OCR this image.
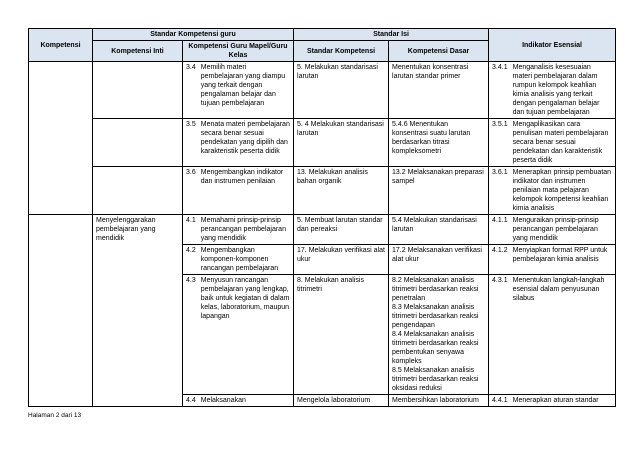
Kompetensi	Standar Kompetensi guru		Standar Isi		Indikator Esensial
	Kompetensi Inti	Kompetensi Guru Mapel/Guru Kelas	Standar Kompetensi	Kompetensi Dasar	

		3.4 Memilih materi pembelajaran yang diampu yang terkait dengan pengalaman belajar dan tujuan pembelajaran	5. Melakukan standarisasi larutan	Menentukan konsentrasi larutan standar primer	3.4.1 Menganalisis kesesuaian materi pembelajaran dalam rumpun kelompok keahlian kimia analisis yang terkait dengan pengalaman belajar dan tujuan pembelajaran

		3.5 Menata materi pembelajaran secara benar sesuai pendekatan yang dipilih dan karakteristik peserta didik	5. 4 Melakukan standarisasi larutan	5.4.6 Menentukan konsentrasi suatu larutan berdasarkan titrasi kompleksometri	3.5.1 Mengaplikasikan cara penulisan materi pembelajaran secara benar sesuai pendekatan dan karakteristik peserta didik

		3.6 Mengembangkan indikator dan instrumen penilaian	13. Melakukan analisis bahan organik	13.2 Melaksanakan preparasi sampel	3.6.1 Menerapkan prinsip pembuatan indikator dan instrumen penilaian mata pelajaran kelompok kompetensi keahlian kimia analisis

	Menyelenggarakan pembelajaran yang mendidik	4.1 Memahami prinsip-prinsip perancangan pembelajaran yang mendidik	5. Membuat larutan standar dan pereaksi	5.4 Melakukan standarisasi larutan	4.1.1 Menguraikan prinsip-prinsip perancangan pembelajaran yang mendidik

		4.2 Mengembangkan komponen-komponen rancangan pembelajaran	17. Melakukan verifikasi alat ukur	17.2 Melaksanakan verifikasi alat ukur	4.1.2 Menyiapkan format RPP untuk pembelajaran kimia analisis

		4.3 Menyusun rancangan pembelajaran yang lengkap, baik untuk kegiatan di dalam kelas, laboratorium, maupun lapangan	8. Melakukan analisis titrimetri	8.2 Melaksanakan analisis titrimetri berdasarkan reaksi penetralan
8.3 Melaksanakan analisis titrimetri berdasarkan reaksi pengendapan
8.4 Melaksanakan analisis titrimetri berdasarkan reaksi pembentukan senyawa kompleks
8.5 Melaksanakan analisis titrimetri berdasarkan reaksi oksidasi reduksi	4.3.1 Menentukan langkah-langkah esensial dalam penyusunan silabus

		4.4 Melaksanakan	Mengelola laboratorium	Membersihkan laboratorium	4.4.1 Menerapkan aturan standar
Halaman 2 dari 13
